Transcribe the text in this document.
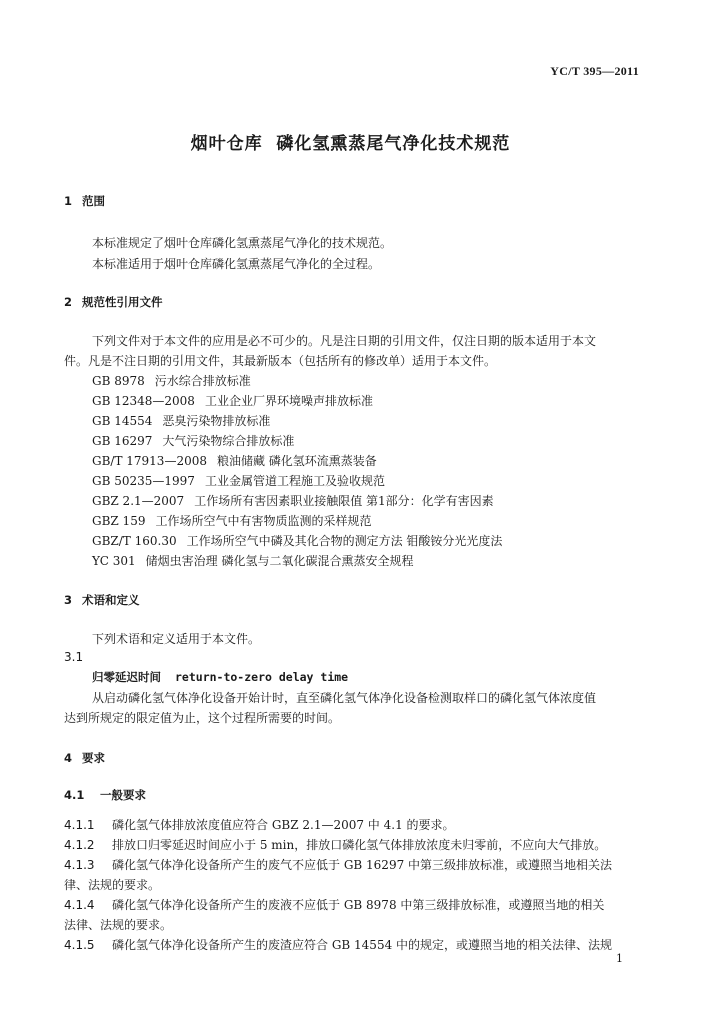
YC/T 395—2011
烟叶仓库  磷化氢熏蒸尾气净化技术规范
1 范围
本标准规定了烟叶仓库磷化氢熏蒸尾气净化的技术规范。
本标准适用于烟叶仓库磷化氢熏蒸尾气净化的全过程。
2 规范性引用文件
下列文件对于本文件的应用是必不可少的。凡是注日期的引用文件，仅注日期的版本适用于本文
件。凡是不注日期的引用文件，其最新版本（包括所有的修改单）适用于本文件。
GB 8978 污水综合排放标准
GB 12348—2008 工业企业厂界环境噪声排放标准
GB 14554 恶臭污染物排放标准
GB 16297 大气污染物综合排放标准
GB/T 17913—2008 粮油储藏 磷化氢环流熏蒸装备
GB 50235—1997 工业金属管道工程施工及验收规范
GBZ 2.1—2007 工作场所有害因素职业接触限值 第1部分：化学有害因素
GBZ 159 工作场所空气中有害物质监测的采样规范
GBZ/T 160.30 工作场所空气中磷及其化合物的测定方法 钼酸铵分光光度法
YC 301 储烟虫害治理 磷化氢与二氧化碳混合熏蒸安全规程
3 术语和定义
下列术语和定义适用于本文件。
3.1
归零延迟时间 return-to-zero delay time
从启动磷化氢气体净化设备开始计时，直至磷化氢气体净化设备检测取样口的磷化氢气体浓度值
达到所规定的限定值为止，这个过程所需要的时间。
4 要求
4.1 一般要求
4.1.1 磷化氢气体排放浓度值应符合 GBZ 2.1—2007 中 4.1 的要求。
4.1.2 排放口归零延迟时间应小于 5 min，排放口磷化氢气体排放浓度未归零前，不应向大气排放。
4.1.3 磷化氢气体净化设备所产生的废气不应低于 GB 16297 中第三级排放标准，或遵照当地相关法
律、法规的要求。
4.1.4 磷化氢气体净化设备所产生的废液不应低于 GB 8978 中第三级排放标准，或遵照当地的相关
法律、法规的要求。
4.1.5 磷化氢气体净化设备所产生的废渣应符合 GB 14554 中的规定，或遵照当地的相关法律、法规
1
